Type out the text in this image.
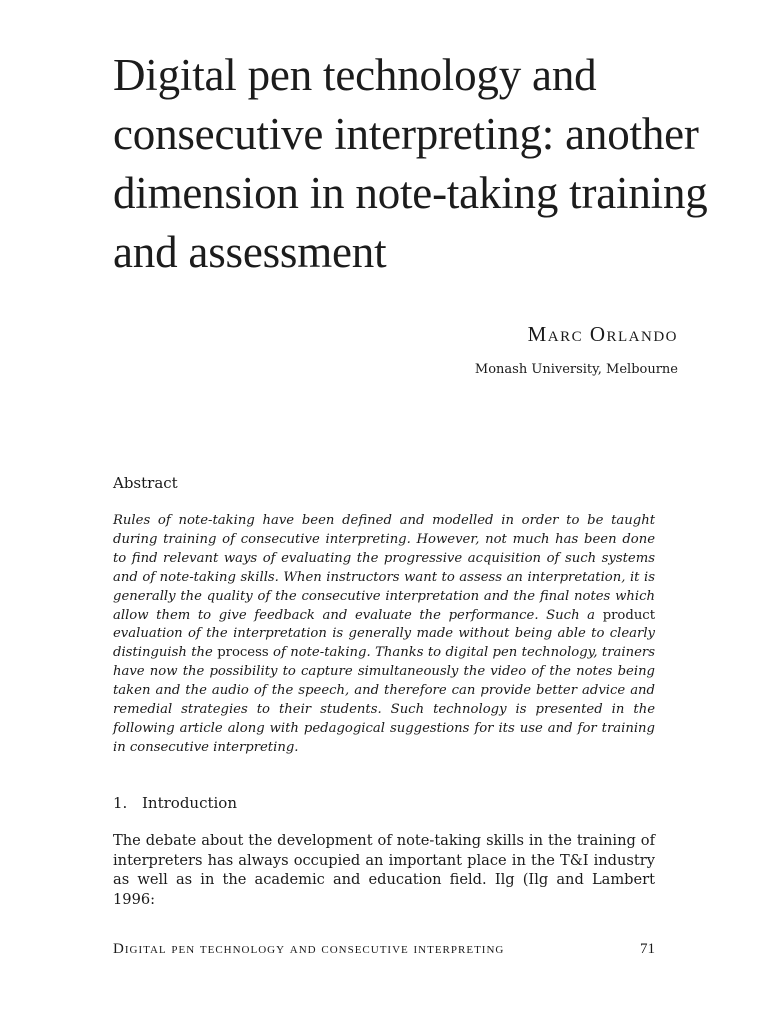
Digital pen technology and consecutive interpreting: another dimension in note-taking training and assessment
Marc Orlando
Monash University, Melbourne
Abstract

Rules of note-taking have been defined and modelled in order to be taught during training of consecutive interpreting. However, not much has been done to find relevant ways of evaluating the progressive acquisition of such systems and of note-taking skills. When instructors want to assess an interpretation, it is generally the quality of the consecutive interpretation and the final notes which allow them to give feedback and evaluate the performance. Such a product evaluation of the interpretation is generally made without being able to clearly distinguish the process of note-taking. Thanks to digital pen technology, trainers have now the possibility to capture simultaneously the video of the notes being taken and the audio of the speech, and therefore can provide better advice and remedial strategies to their students. Such technology is presented in the following article along with pedagogical suggestions for its use and for training in consecutive interpreting.

1. Introduction

The debate about the development of note-taking skills in the training of interpreters has always occupied an important place in the T&I industry as well as in the academic and education field. Ilg (Ilg and Lambert 1996:

Digital pen technology and consecutive interpreting	71
